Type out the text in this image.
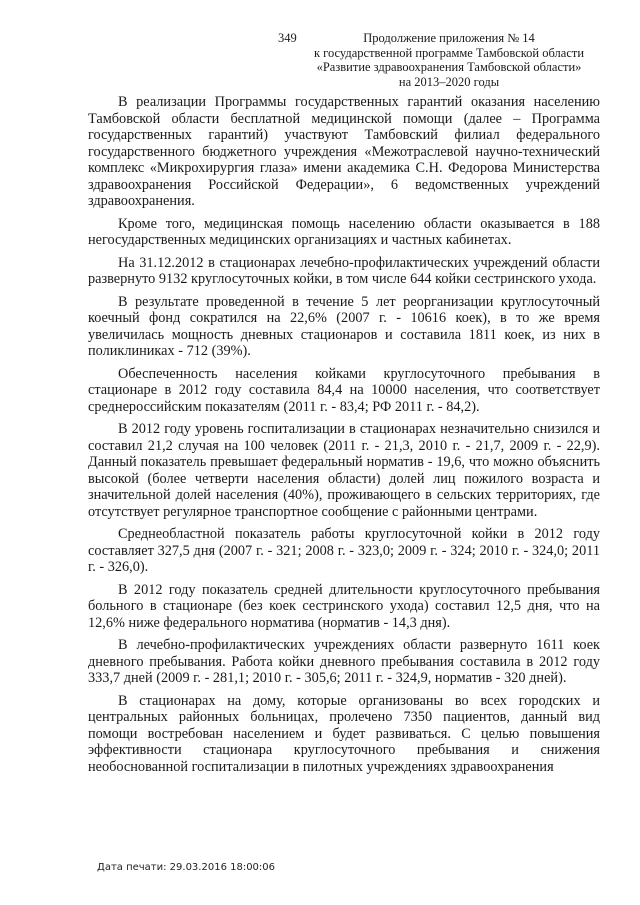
349	Продолжение приложения № 14
к государственной программе Тамбовской области
«Развитие здравоохранения Тамбовской области»
на 2013–2020 годы

В реализации Программы государственных гарантий оказания населению Тамбовской области бесплатной медицинской помощи (далее – Программа государственных гарантий) участвуют Тамбовский филиал федерального государственного бюджетного учреждения «Межотраслевой научно-технический комплекс «Микрохирургия глаза» имени академика С.Н. Федорова Министерства здравоохранения Российской Федерации», 6 ведомственных учреждений здравоохранения.

Кроме того, медицинская помощь населению области оказывается в 188 негосударственных медицинских организациях и частных кабинетах.

На 31.12.2012 в стационарах лечебно-профилактических учреждений области развернуто 9132 круглосуточных койки, в том числе 644 койки сестринского ухода.

В результате проведенной в течение 5 лет реорганизации круглосуточный коечный фонд сократился на 22,6% (2007 г. - 10616 коек), в то же время увеличилась мощность дневных стационаров и составила 1811 коек, из них в поликлиниках - 712 (39%).

Обеспеченность населения койками круглосуточного пребывания в стационаре в 2012 году составила 84,4 на 10000 населения, что соответствует среднероссийским показателям (2011 г. - 83,4; РФ 2011 г. - 84,2).

В 2012 году уровень госпитализации в стационарах незначительно снизился и составил 21,2 случая на 100 человек (2011 г. - 21,3, 2010 г. - 21,7, 2009 г. - 22,9). Данный показатель превышает федеральный норматив - 19,6, что можно объяснить высокой (более четверти населения области) долей лиц пожилого возраста и значительной долей населения (40%), проживающего в сельских территориях, где отсутствует регулярное транспортное сообщение с районными центрами.

Среднеобластной показатель работы круглосуточной койки в 2012 году составляет 327,5 дня (2007 г. - 321; 2008 г. - 323,0; 2009 г. - 324; 2010 г. - 324,0; 2011 г. - 326,0).

В 2012 году показатель средней длительности круглосуточного пребывания больного в стационаре (без коек сестринского ухода) составил 12,5 дня, что на 12,6% ниже федерального норматива (норматив - 14,3 дня).

В лечебно-профилактических учреждениях области развернуто 1611 коек дневного пребывания. Работа койки дневного пребывания составила в 2012 году 333,7 дней (2009 г. - 281,1; 2010 г. - 305,6; 2011 г. - 324,9, норматив - 320 дней).

В стационарах на дому, которые организованы во всех городских и центральных районных больницах, пролечено 7350 пациентов, данный вид помощи востребован населением и будет развиваться. С целью повышения эффективности стационара круглосуточного пребывания и снижения необоснованной госпитализации в пилотных учреждениях здравоохранения

Дата печати: 29.03.2016 18:00:06
